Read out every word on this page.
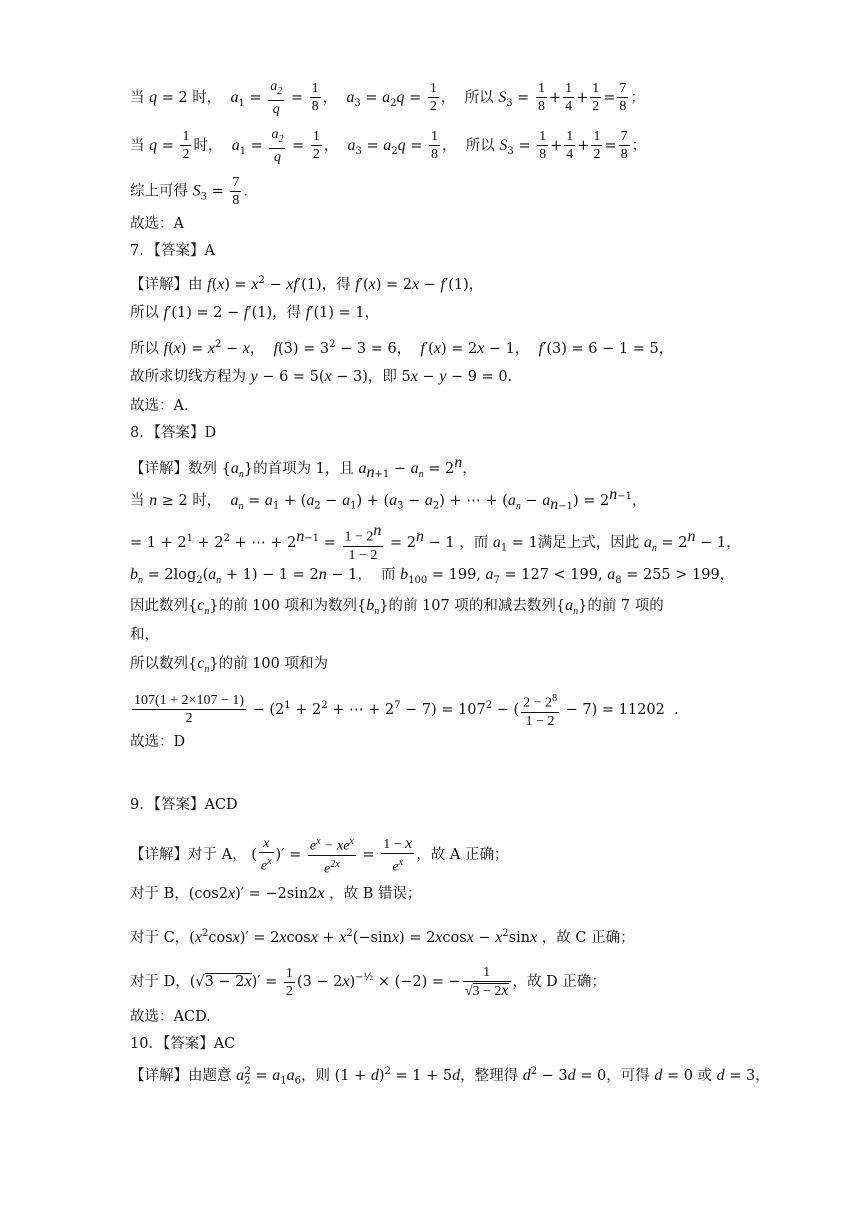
当 q = 2 时， $a_1 = \frac{a_2}{q} = \frac{1}{8}$ ，  $a_3 = a_2q = \frac{1}{2}$ ，  所以 $S_3 = \frac{1}{8} + \frac{1}{4} + \frac{1}{2} = \frac{7}{8}$ ；
当 $q = \frac{1}{2}$ 时， $a_1 = \frac{a_2}{q} = \frac{1}{2}$ ，  $a_3 = a_2q = \frac{1}{8}$ ，  所以 $S_3 = \frac{1}{8} + \frac{1}{4} + \frac{1}{2} = \frac{7}{8}$ ；
综上可得 $S_3 = \frac{7}{8}$ .
故选：A
7．【答案】A
【详解】由 $f(x) = x^2 - xf'(1)$，得 f′(x) = 2x − f′(1)，
所以 f′(1) = 2 − f′(1)，得 f′(1) = 1，
所以 $f(x) = x^2 - x$，  $f(3) = 3^2 - 3 = 6$，  f′(x) = 2x − 1，  f′(3) = 6 − 1 = 5，
故所求切线方程为 y − 6 = 5(x − 3)，即 5x − y − 9 = 0.
故选：A.
8．【答案】D
【详解】数列 $\{a_n\}$的首项为 1，且 $a_{n+1} - a_n = 2^n$，
当 n ≥ 2 时， $a_n = a_1 + (a_2 - a_1) + (a_3 - a_2)$ + ⋯ + $(a_n - a_{n-1}) = 2^{n-1}$，
= $1 + 2^1 + 2^2$ + ⋯ + $2^{n-1} = \frac{1 - 2^n}{1 - 2} = 2^n - 1$ ，而 $a_1 = 1$满足上式，因此 $a_n = 2^n - 1$，
$b_n = 2\log_2(a_n + 1) - 1 = 2n - 1$，  而 $b_{100} = 199$, $a_7 = 127 < 199$, $a_8 = 255 > 199$，
因此数列$\{c_n\}$的前 100 项和为数列$\{b_n\}$的前 107 项的和减去数列$\{a_n\}$的前 7 项的
和，
所以数列$\{c_n\}$的前 100 项和为
$\frac{107(1 + 2\times 107 - 1)}{2} - (2^1 + 2^2$ + ⋯ + $2^7 - 7) = 107^2$ − ( $\frac{2 - 2^8}{1 - 2} - 7) = 11202$  .
故选：D
9．【答案】ACD
【详解】对于 A， ( $\frac{x}{e^x}$ )′ = $\frac{e^x - xe^x}{e^{2x}} = \frac{1 - x}{e^x}$ ，故 A 正确；
对于 B，(cos2x)′ = −2sin2x ，故 B 错误；
对于 C，$(x^2\cos x)' = 2xcosx + x^2(-\sin x) = 2xcosx - x^2\sin x$ ，故 C 正确；
对于 D，$(√3 - 2x)' = \frac{1}{2} (3 - 2x)^{-\frac{1}{2}} \times (-2)$ = − $\frac{1}{√3 - 2x}$ ，故 D 正确；
故选：ACD.
10．【答案】AC
【详解】由题意 $a_2^2 = a_1a_6$，则 $(1 + d)^2 = 1 + 5d$，整理得 $d^2 - 3d = 0$，可得 d = 0 或 d = 3，
